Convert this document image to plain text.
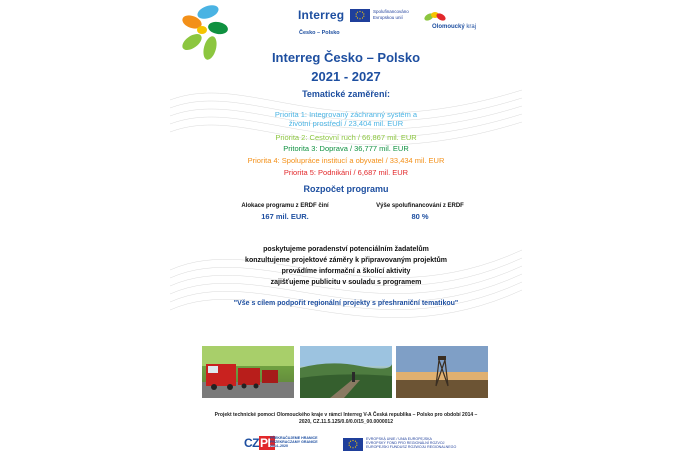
Interreg
Česko – Polsko
Spolufinancováno
Evropskou unií
Olomoucký kraj
Interreg Česko – Polsko
2021 - 2027
Tematické zaměření:
Priorita 1: Integrovaný záchranný systém a
životní prostředí / 23,404 mil. EUR
Priorita 2: Cestovní ruch / 66,867 mil. EUR
Pritorita 3: Doprava / 36,777 mil. EUR
Priorita 4: Spolupráce institucí a obyvatel / 33,434 mil. EUR
Priorita 5: Podnikání / 6,687 mil. EUR
Rozpočet programu
Alokace programu z ERDF činí
167 mil. EUR.
Výše spolufinancování z ERDF
80 %
poskytujeme poradenství potenciálním žadatelům
konzultujeme projektové záměry k připravovaným projektům
provádíme informační a školící aktivity
zajišťujeme publicitu v souladu s programem
"Vše s cílem podpořit regionální projekty s přeshraniční tematikou"
Projekt technické pomoci Olomouckého kraje v rámci Interreg V-A Česká republika – Polsko pro období 2014 –
2020, CZ.11.5.125/0.0/0.0/15_00.0000012
CZPL
PŘEKRAČUJEME HRANICE
PRZEKRACZAMY GRANICE
2014–2020
EVROPSKÁ UNIE / UNIA EUROPEJSKA
EVROPSKÝ FOND PRO REGIONÁLNÍ ROZVOJ
EUROPEJSKI FUNDUSZ ROZWOJU REGIONALNEGO
